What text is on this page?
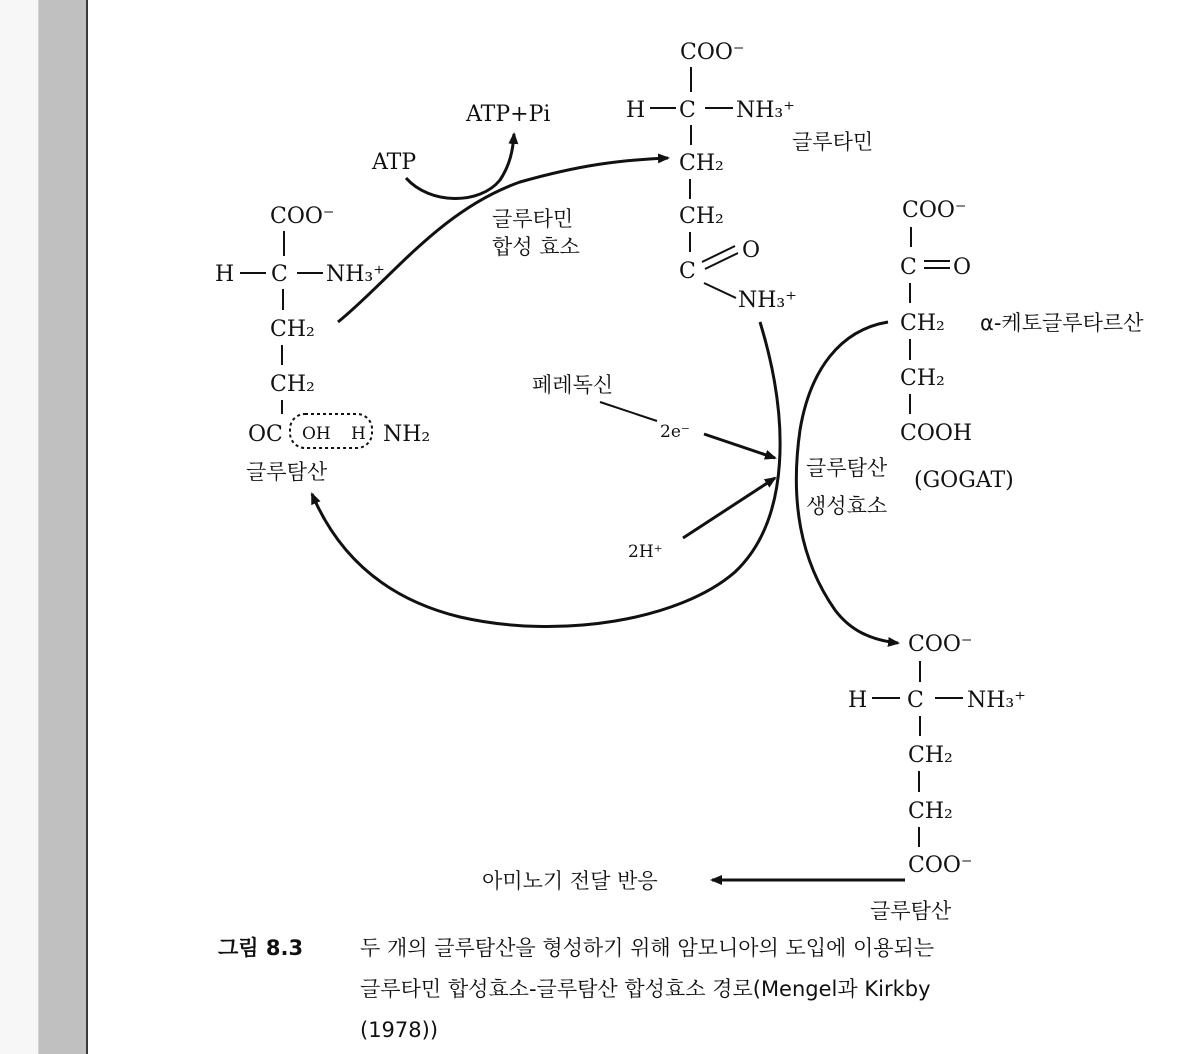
COO⁻
H C NH₃⁺
CH₂
CH₂
OC OH H NH₂
글루탐산
ATP
ATP+Pi
글루타민
합성 효소
COO⁻
H C NH₃⁺
CH₂
CH₂
C
O
NH₃⁺
글루타민
COO⁻
C O
CH₂
CH₂
COOH
α-케토글루타르산
페레독신
2e⁻
2H⁺
글루탐산 (GOGAT)
생성효소
COO⁻
H C NH₃⁺
CH₂
CH₂
COO⁻
글루탐산
아미노기 전달 반응
그림 8.3	두 개의 글루탐산을 형성하기 위해 암모니아의 도입에 이용되는
글루타민 합성효소-글루탐산 합성효소 경로(Mengel과 Kirkby
(1978))
